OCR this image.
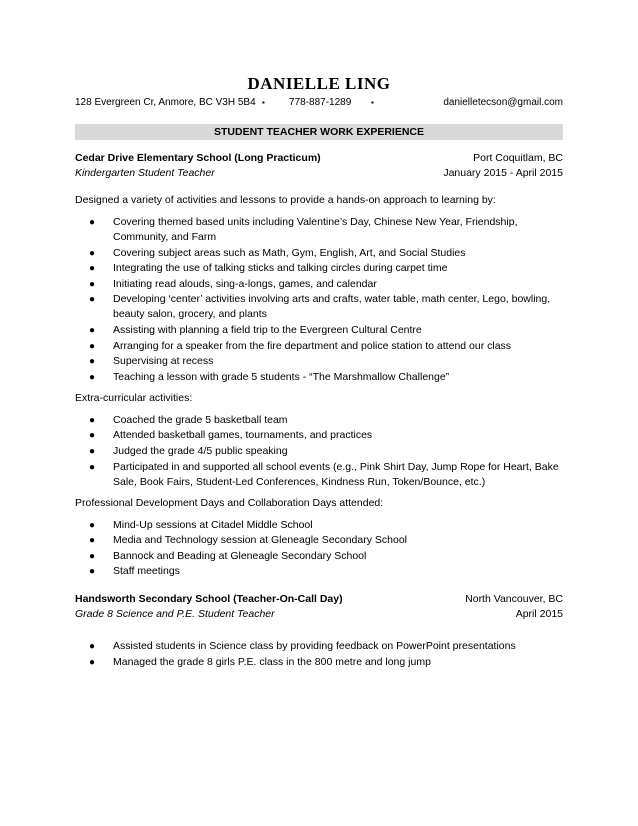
DANIELLE LING
128 Evergreen Cr, Anmore, BC V3H 5B4 ▪ 778-887-1289 ▪	danielletecson@gmail.com
STUDENT TEACHER WORK EXPERIENCE
Cedar Drive Elementary School (Long Practicum)	Port Coquitlam, BC
Kindergarten Student Teacher	January 2015 - April 2015
Designed a variety of activities and lessons to provide a hands-on approach to learning by:
● Covering themed based units including Valentine’s Day, Chinese New Year, Friendship, Community, and Farm
● Covering subject areas such as Math, Gym, English, Art, and Social Studies
● Integrating the use of talking sticks and talking circles during carpet time
● Initiating read alouds, sing-a-longs, games, and calendar
● Developing ‘center’ activities involving arts and crafts, water table, math center, Lego, bowling, beauty salon, grocery, and plants
● Assisting with planning a field trip to the Evergreen Cultural Centre
● Arranging for a speaker from the fire department and police station to attend our class
● Supervising at recess
● Teaching a lesson with grade 5 students - “The Marshmallow Challenge”
Extra-curricular activities:
● Coached the grade 5 basketball team
● Attended basketball games, tournaments, and practices
● Judged the grade 4/5 public speaking
● Participated in and supported all school events (e.g., Pink Shirt Day, Jump Rope for Heart, Bake Sale, Book Fairs, Student-Led Conferences, Kindness Run, Token/Bounce, etc.)
Professional Development Days and Collaboration Days attended:
● Mind-Up sessions at Citadel Middle School
● Media and Technology session at Gleneagle Secondary School
● Bannock and Beading at Gleneagle Secondary School
● Staff meetings
Handsworth Secondary School (Teacher-On-Call Day)	North Vancouver, BC
Grade 8 Science and P.E. Student Teacher	April 2015
● Assisted students in Science class by providing feedback on PowerPoint presentations
● Managed the grade 8 girls P.E. class in the 800 metre and long jump
